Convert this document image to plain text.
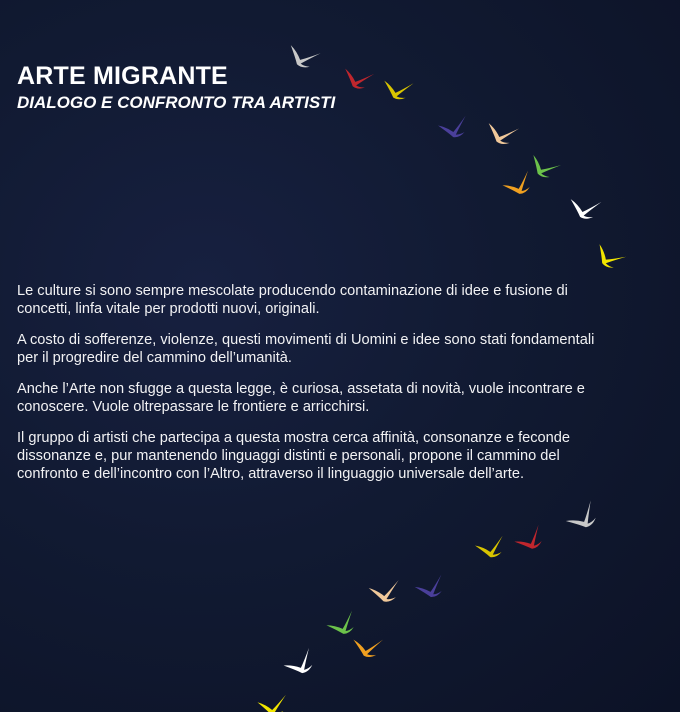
ARTE MIGRANTE
DIALOGO E CONFRONTO TRA ARTISTI

Le culture si sono sempre mescolate producendo contaminazione di idee e fusione di concetti, linfa vitale per prodotti nuovi, originali.

A costo di sofferenze, violenze, questi movimenti di Uomini e idee sono stati fondamentali per il progredire del cammino dell’umanità.

Anche l’Arte non sfugge a questa legge, è curiosa, assetata di novità, vuole incontrare e conoscere. Vuole oltrepassare le frontiere e arricchirsi.

Il gruppo di artisti che partecipa a questa mostra cerca affinità, consonanze e feconde dissonanze e, pur mantenendo linguaggi distinti e personali, propone il cammino del confronto e dell’incontro con l’Altro, attraverso il linguaggio universale dell’arte.
